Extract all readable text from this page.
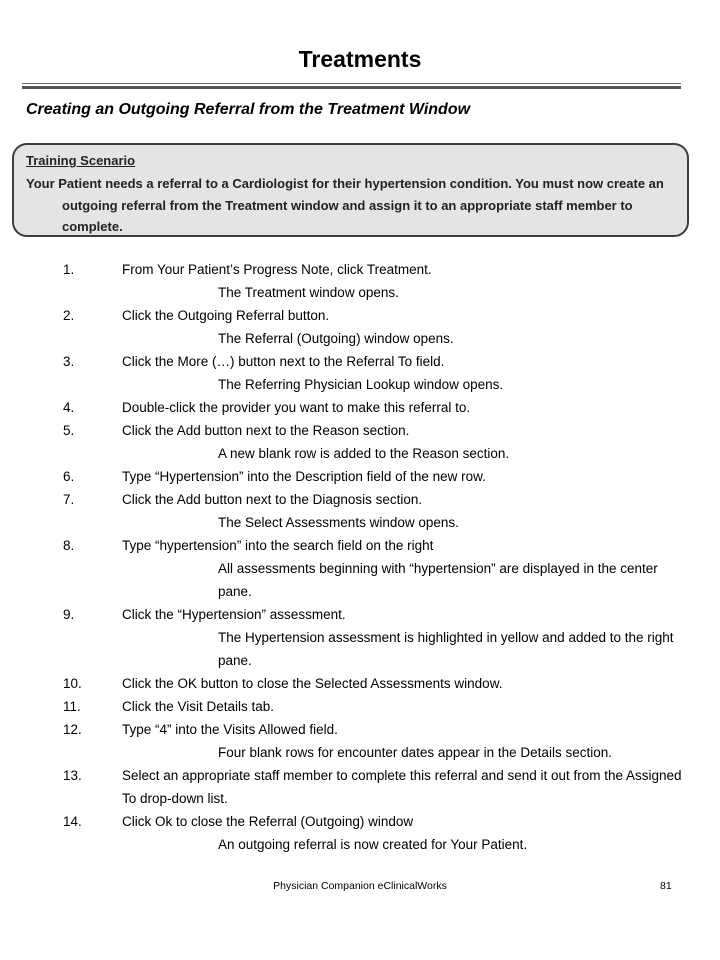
Treatments
Creating an Outgoing Referral from the Treatment Window
Training Scenario
Your Patient needs a referral to a Cardiologist for their hypertension condition. You must now create an outgoing referral from the Treatment window and assign it to an appropriate staff member to complete.
1.	From Your Patient’s Progress Note, click Treatment.
The Treatment window opens.
2.	Click the Outgoing Referral button.
The Referral (Outgoing) window opens.
3.	Click the More (…) button next to the Referral To field.
The Referring Physician Lookup window opens.
4.	Double-click the provider you want to make this referral to.
5.	Click the Add button next to the Reason section.
A new blank row is added to the Reason section.
6.	Type “Hypertension” into the Description field of the new row.
7.	Click the Add button next to the Diagnosis section.
The Select Assessments window opens.
8.	Type “hypertension” into the search field on the right
All assessments beginning with “hypertension” are displayed in the center pane.
9.	Click the “Hypertension” assessment.
The Hypertension assessment is highlighted in yellow and added to the right pane.
10.	Click the OK button to close the Selected Assessments window.
11.	Click the Visit Details tab.
12.	Type “4” into the Visits Allowed field.
Four blank rows for encounter dates appear in the Details section.
13.	Select an appropriate staff member to complete this referral and send it out from the Assigned To drop-down list.
14.	Click Ok to close the Referral (Outgoing) window
An outgoing referral is now created for Your Patient.
Physician Companion eClinicalWorks	81
